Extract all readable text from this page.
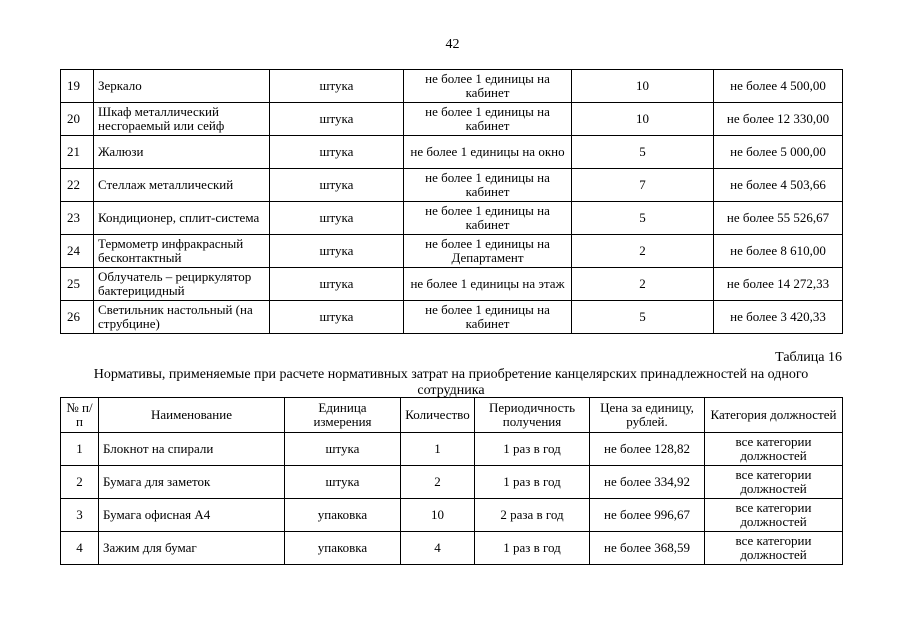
42
19	Зеркало	штука	не более 1 единицы на кабинет	10	не более 4 500,00
20	Шкаф металлический несгораемый или сейф	штука	не более 1 единицы на кабинет	10	не более 12 330,00
21	Жалюзи	штука	не более 1 единицы на окно	5	не более 5 000,00
22	Стеллаж металлический	штука	не более 1 единицы на кабинет	7	не более 4 503,66
23	Кондиционер, сплит-система	штука	не более 1 единицы на кабинет	5	не более 55 526,67
24	Термометр инфракрасный бесконтактный	штука	не более 1 единицы на Департамент	2	не более 8 610,00
25	Облучатель – рециркулятор бактерицидный	штука	не более 1 единицы на этаж	2	не более 14 272,33
26	Светильник настольный (на струбцине)	штука	не более 1 единицы на кабинет	5	не более 3 420,33
Таблица 16
Нормативы, применяемые при расчете нормативных затрат на приобретение канцелярских принадлежностей на одного сотрудника
№ п/п	Наименование	Единица измерения	Количество	Периодичность получения	Цена за единицу, рублей.	Категория должностей
1	Блокнот на спирали	штука	1	1 раз в год	не более 128,82	все категории должностей
2	Бумага для заметок	штука	2	1 раз в год	не более 334,92	все категории должностей
3	Бумага офисная А4	упаковка	10	2 раза в год	не более 996,67	все категории должностей
4	Зажим для бумаг	упаковка	4	1 раз в год	не более 368,59	все категории должностей
